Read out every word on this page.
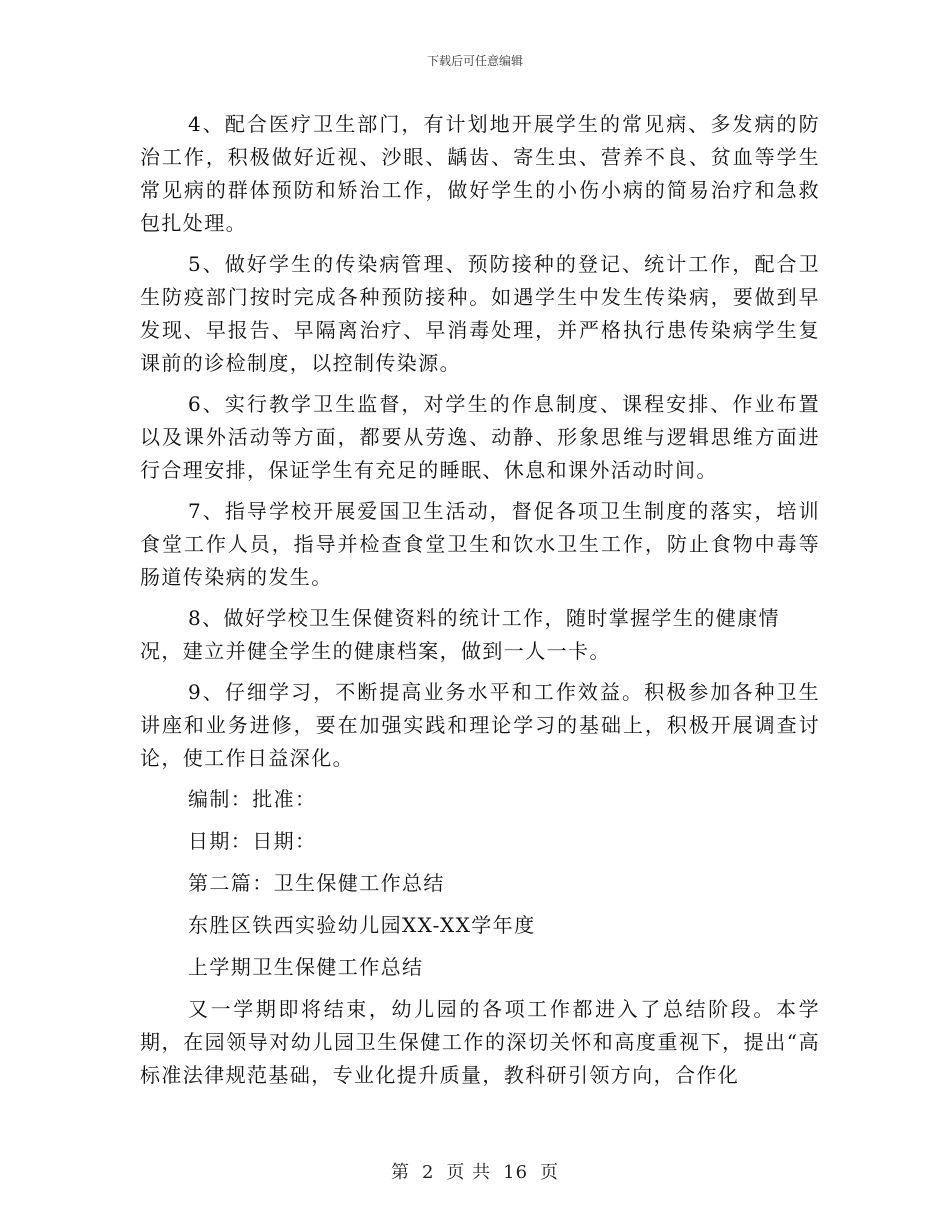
下载后可任意编辑

4、配合医疗卫生部门，有计划地开展学生的常见病、多发病的防治工作，积极做好近视、沙眼、龋齿、寄生虫、营养不良、贫血等学生常见病的群体预防和矫治工作，做好学生的小伤小病的简易治疗和急救包扎处理。

5、做好学生的传染病管理、预防接种的登记、统计工作，配合卫生防疫部门按时完成各种预防接种。如遇学生中发生传染病，要做到早发现、早报告、早隔离治疗、早消毒处理，并严格执行患传染病学生复课前的诊检制度，以控制传染源。

6、实行教学卫生监督，对学生的作息制度、课程安排、作业布置以及课外活动等方面，都要从劳逸、动静、形象思维与逻辑思维方面进行合理安排，保证学生有充足的睡眠、休息和课外活动时间。

7、指导学校开展爱国卫生活动，督促各项卫生制度的落实，培训食堂工作人员，指导并检查食堂卫生和饮水卫生工作，防止食物中毒等肠道传染病的发生。

8、做好学校卫生保健资料的统计工作，随时掌握学生的健康情况，建立并健全学生的健康档案，做到一人一卡。

9、仔细学习，不断提高业务水平和工作效益。积极参加各种卫生讲座和业务进修，要在加强实践和理论学习的基础上，积极开展调查讨论，使工作日益深化。

编制：批准：

日期：日期：

第二篇：卫生保健工作总结

东胜区铁西实验幼儿园XX-XX学年度

上学期卫生保健工作总结

又一学期即将结束，幼儿园的各项工作都进入了总结阶段。本学期，在园领导对幼儿园卫生保健工作的深切关怀和高度重视下，提出“高标准法律规范基础，专业化提升质量，教科研引领方向，合作化

第 2 页 共 16 页
